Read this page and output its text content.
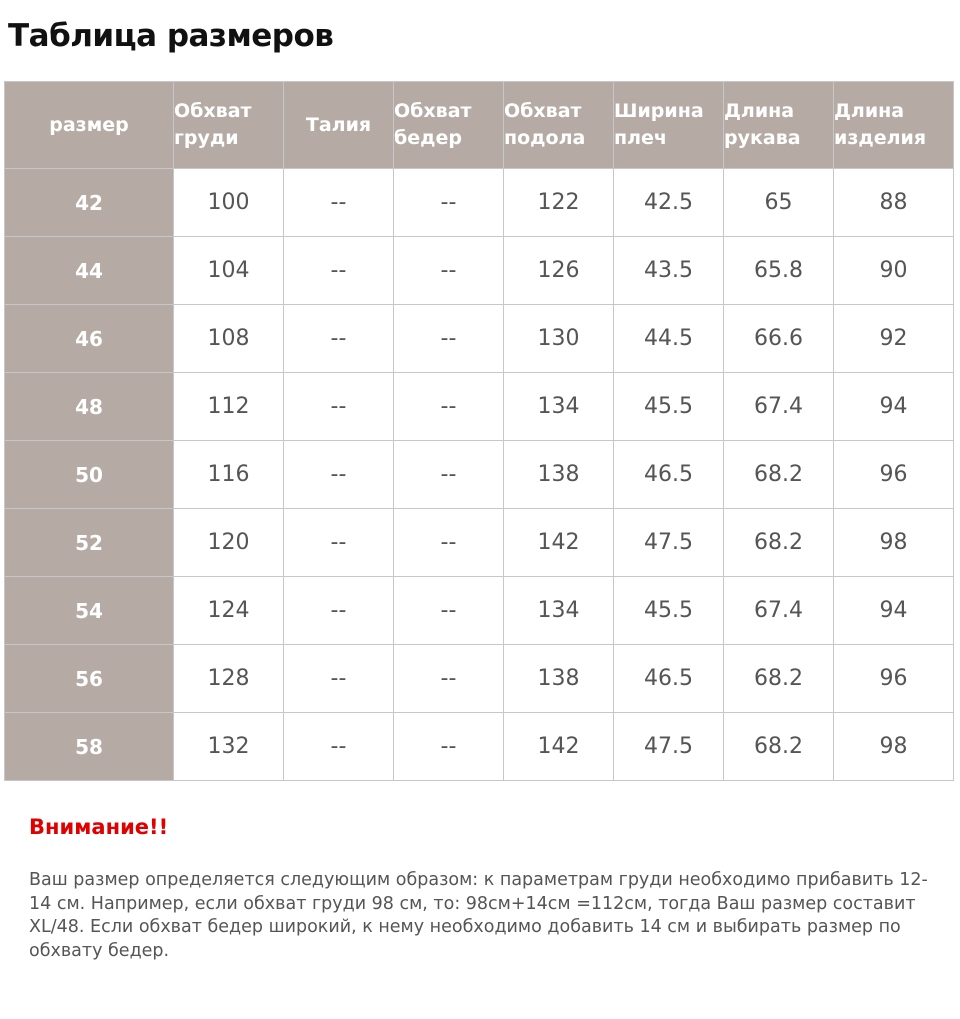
Таблица размеров
размер	Обхват груди	Талия	Обхват бедер	Обхват подола	Ширина плеч	Длина рукава	Длина изделия
42	100	--	--	122	42.5	65	88
44	104	--	--	126	43.5	65.8	90
46	108	--	--	130	44.5	66.6	92
48	112	--	--	134	45.5	67.4	94
50	116	--	--	138	46.5	68.2	96
52	120	--	--	142	47.5	68.2	98
54	124	--	--	134	45.5	67.4	94
56	128	--	--	138	46.5	68.2	96
58	132	--	--	142	47.5	68.2	98
Внимание!!
Ваш размер определяется следующим образом: к параметрам груди необходимо прибавить 12-14 см. Например, если обхват груди 98 см, то: 98см+14см =112см, тогда Ваш размер составит XL/48. Если обхват бедер широкий, к нему необходимо добавить 14 см и выбирать размер по обхвату бедер.
